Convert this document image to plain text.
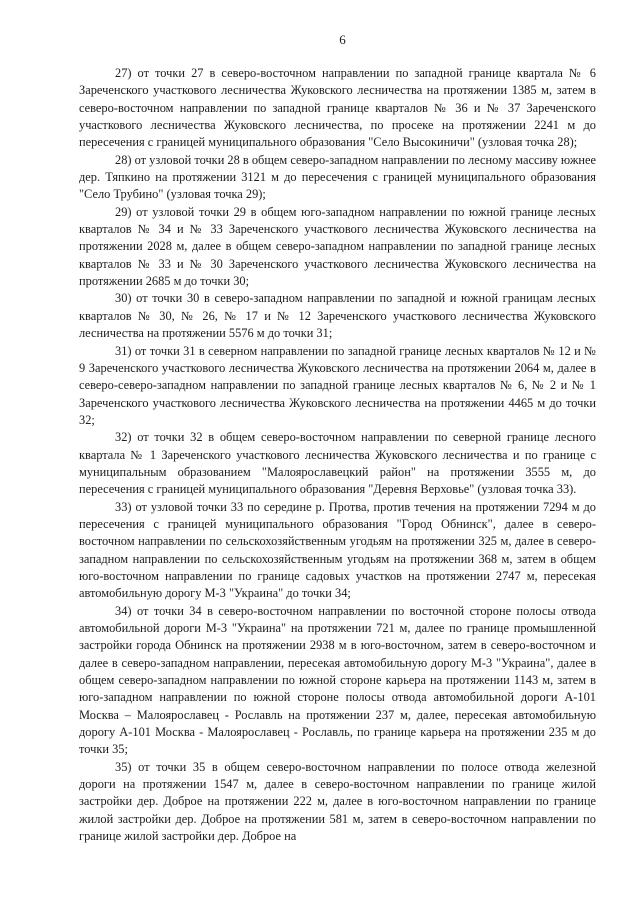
6

27) от точки 27 в северо-восточном направлении по западной границе квартала № 6 Зареченского участкового лесничества Жуковского лесничества на протяжении 1385 м, затем в северо-восточном направлении по западной границе кварталов № 36 и № 37 Зареченского участкового лесничества Жуковского лесничества, по просеке на протяжении 2241 м до пересечения с границей муниципального образования "Село Высокиничи" (узловая точка 28);

28) от узловой точки 28 в общем северо-западном направлении по лесному массиву южнее дер. Тяпкино на протяжении 3121 м до пересечения с границей муниципального образования "Село Трубино" (узловая точка 29);

29) от узловой точки 29 в общем юго-западном направлении по южной границе лесных кварталов № 34 и № 33 Зареченского участкового лесничества Жуковского лесничества на протяжении 2028 м, далее в общем северо-западном направлении по западной границе лесных кварталов № 33 и № 30 Зареченского участкового лесничества Жуковского лесничества на протяжении 2685 м до точки 30;

30) от точки 30 в северо-западном направлении по западной и южной границам лесных кварталов № 30, № 26, № 17 и № 12 Зареченского участкового лесничества Жуковского лесничества на протяжении 5576 м до точки 31;

31) от точки 31 в северном направлении по западной границе лесных кварталов № 12 и № 9 Зареченского участкового лесничества Жуковского лесничества на протяжении 2064 м, далее в северо-северо-западном направлении по западной границе лесных кварталов № 6, № 2 и № 1 Зареченского участкового лесничества Жуковского лесничества на протяжении 4465 м до точки 32;

32) от точки 32 в общем северо-восточном направлении по северной границе лесного квартала № 1 Зареченского участкового лесничества Жуковского лесничества и по границе с муниципальным образованием "Малоярославецкий район" на протяжении 3555 м, до пересечения с границей муниципального образования "Деревня Верховье" (узловая точка 33).

33) от узловой точки 33 по середине р. Протва, против течения на протяжении 7294 м до пересечения с границей муниципального образования "Город Обнинск", далее в северо-восточном направлении по сельскохозяйственным угодьям на протяжении 325 м, далее в северо-западном направлении по сельскохозяйственным угодьям на протяжении 368 м, затем в общем юго-восточном направлении по границе садовых участков на протяжении 2747 м, пересекая автомобильную дорогу М-3 "Украина" до точки 34;

34) от точки 34 в северо-восточном направлении по восточной стороне полосы отвода автомобильной дороги М-3 "Украина" на протяжении 721 м, далее по границе промышленной застройки города Обнинск на протяжении 2938 м в юго-восточном, затем в северо-восточном и далее в северо-западном направлении, пересекая автомобильную дорогу М-3 "Украина", далее в общем северо-западном направлении по южной стороне карьера на протяжении 1143 м, затем в юго-западном направлении по южной стороне полосы отвода автомобильной дороги А-101 Москва – Малоярославец - Рославль на протяжении 237 м, далее, пересекая автомобильную дорогу А-101 Москва - Малоярославец - Рославль, по границе карьера на протяжении 235 м до точки 35;

35) от точки 35 в общем северо-восточном направлении по полосе отвода железной дороги на протяжении 1547 м, далее в северо-восточном направлении по границе жилой застройки дер. Доброе на протяжении 222 м, далее в юго-восточном направлении по границе жилой застройки дер. Доброе на протяжении 581 м, затем в северо-восточном направлении по границе жилой застройки дер. Доброе на
